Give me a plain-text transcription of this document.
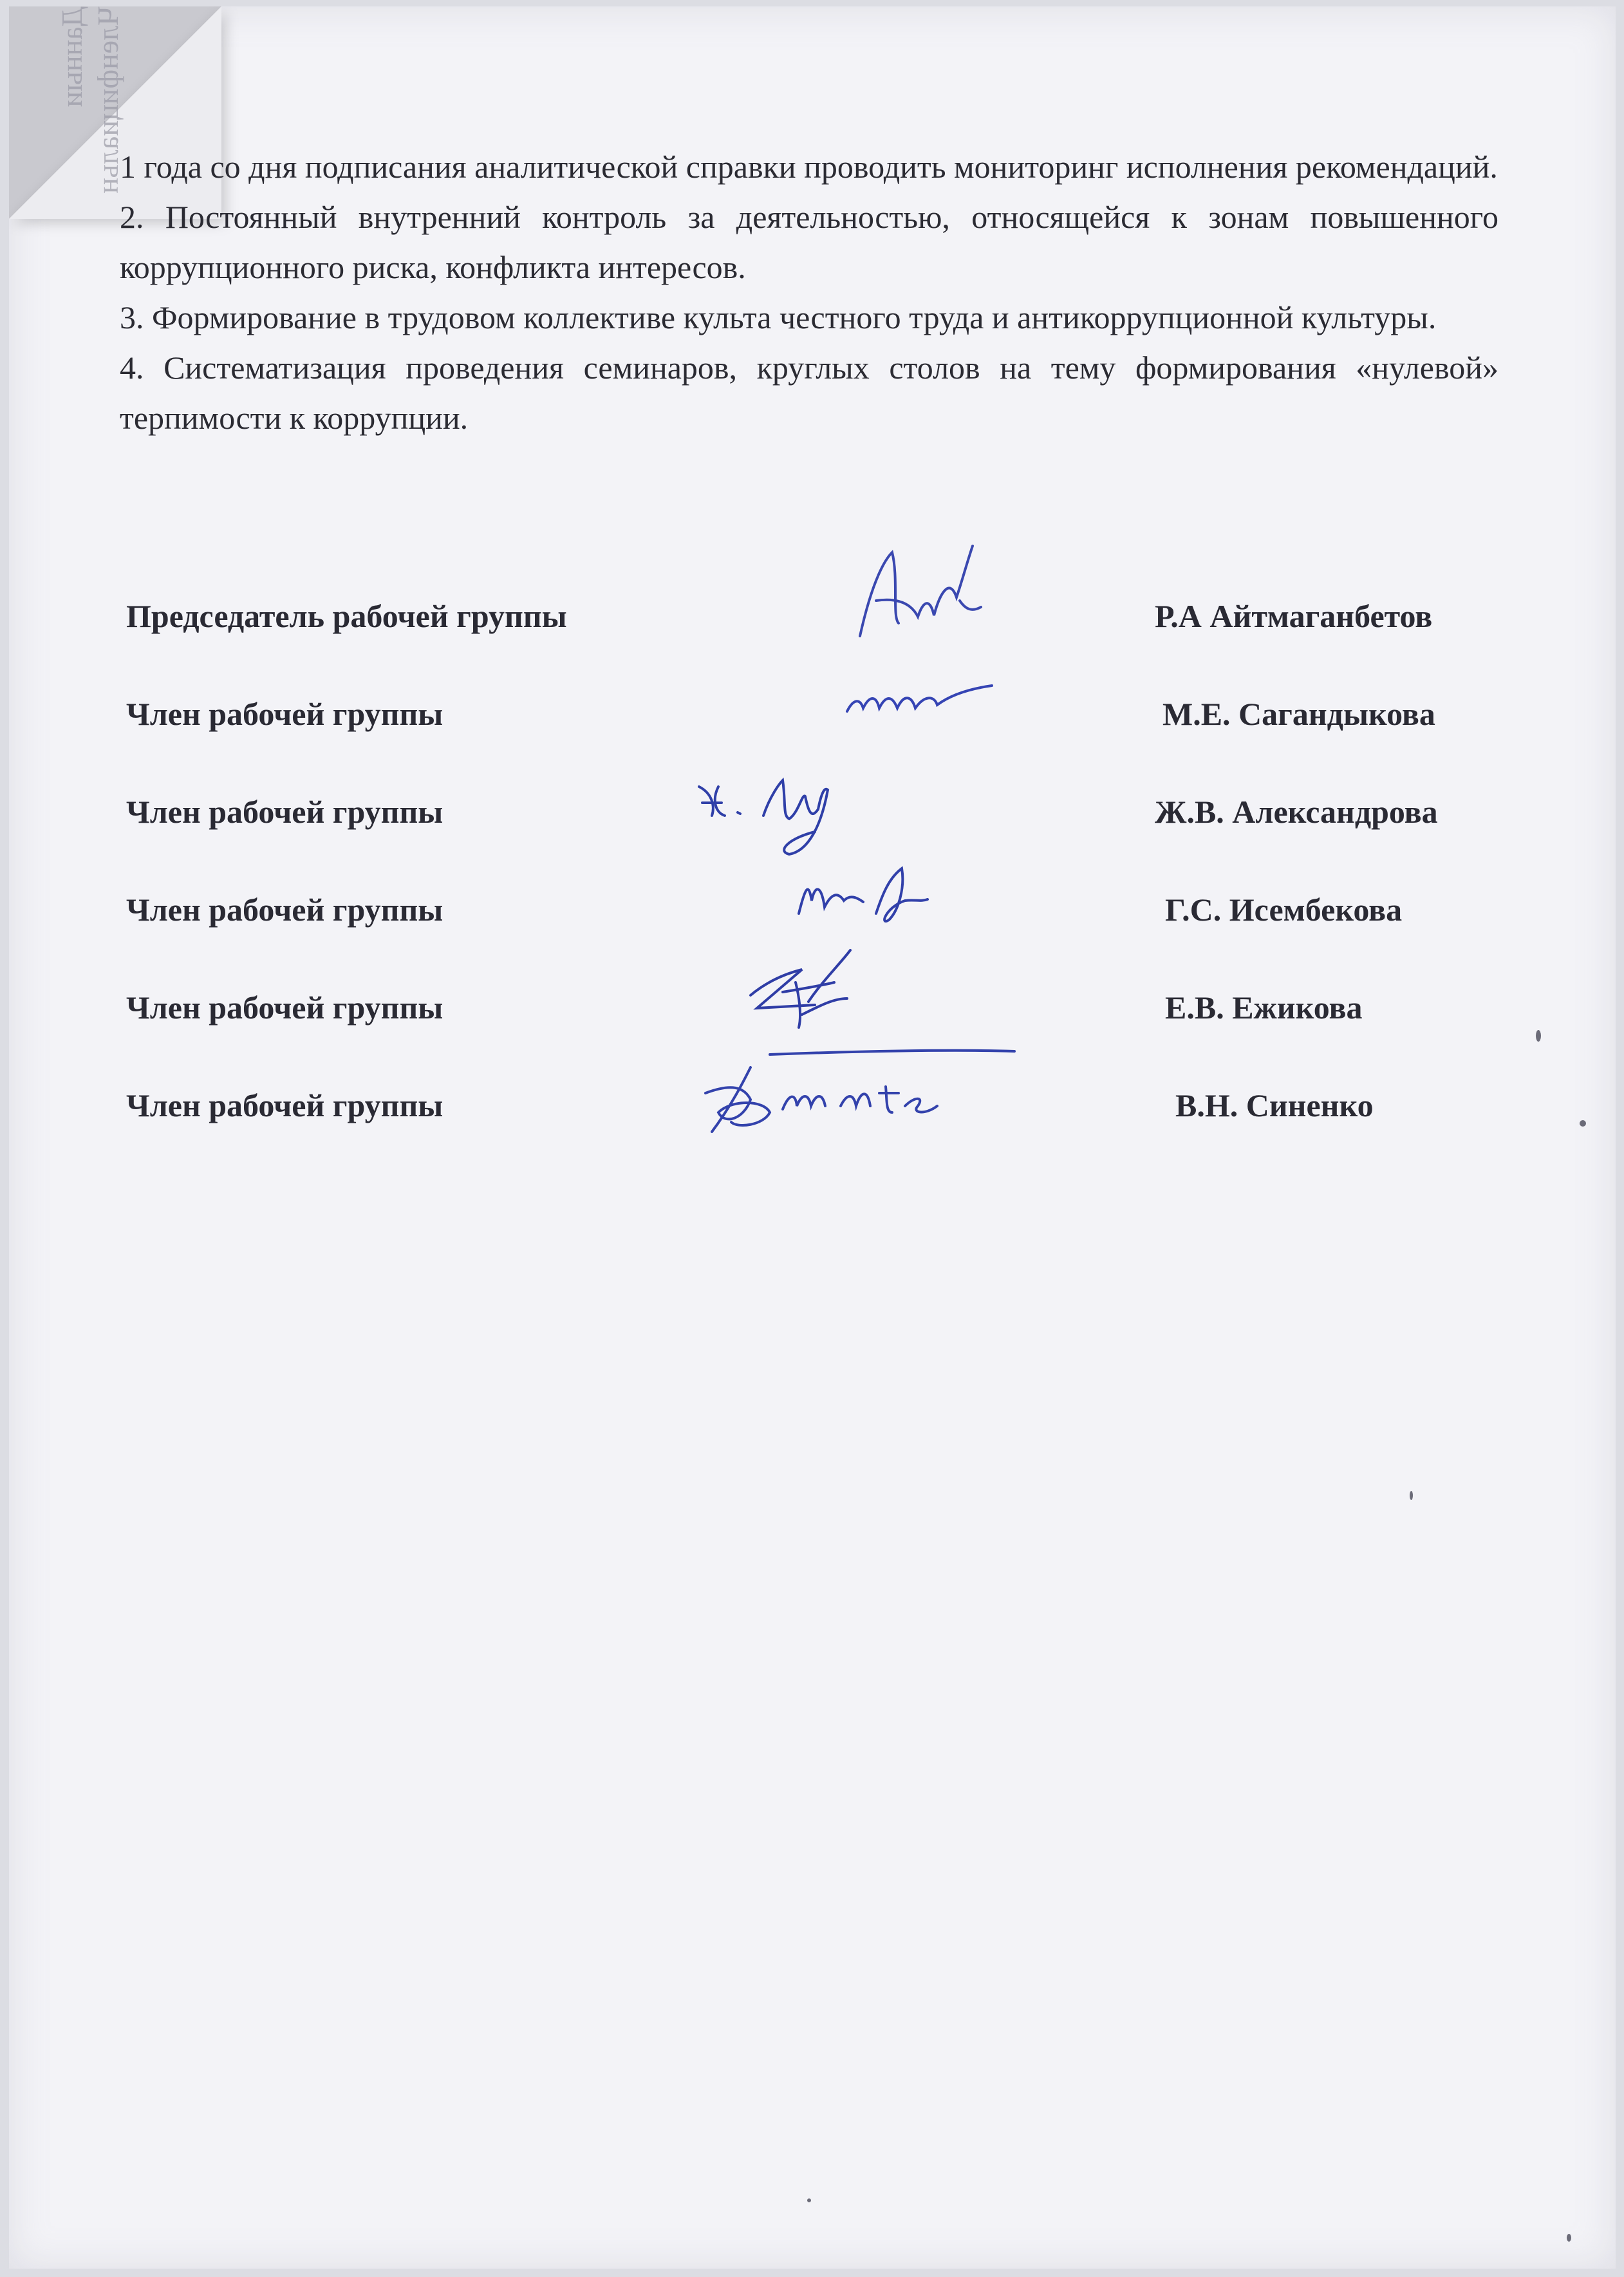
Данныи Членфициальн

1 года со дня подписания аналитической справки проводить мониторинг исполнения рекомендаций.

2. Постоянный внутренний контроль за деятельностью, относящейся к зонам повышенного коррупционного риска, конфликта интересов.

3. Формирование в трудовом коллективе культа честного труда и антикоррупционной культуры.

4. Систематизация проведения семинаров, круглых столов на тему формирования «нулевой» терпимости к коррупции.

Председатель рабочей группы	Р.А Айтмаганбетов
Член рабочей группы	М.Е. Сагандыкова
Член рабочей группы	Ж.В. Александрова
Член рабочей группы	Г.С. Исембекова
Член рабочей группы	Е.В. Ежикова
Член рабочей группы	В.Н. Синенко
